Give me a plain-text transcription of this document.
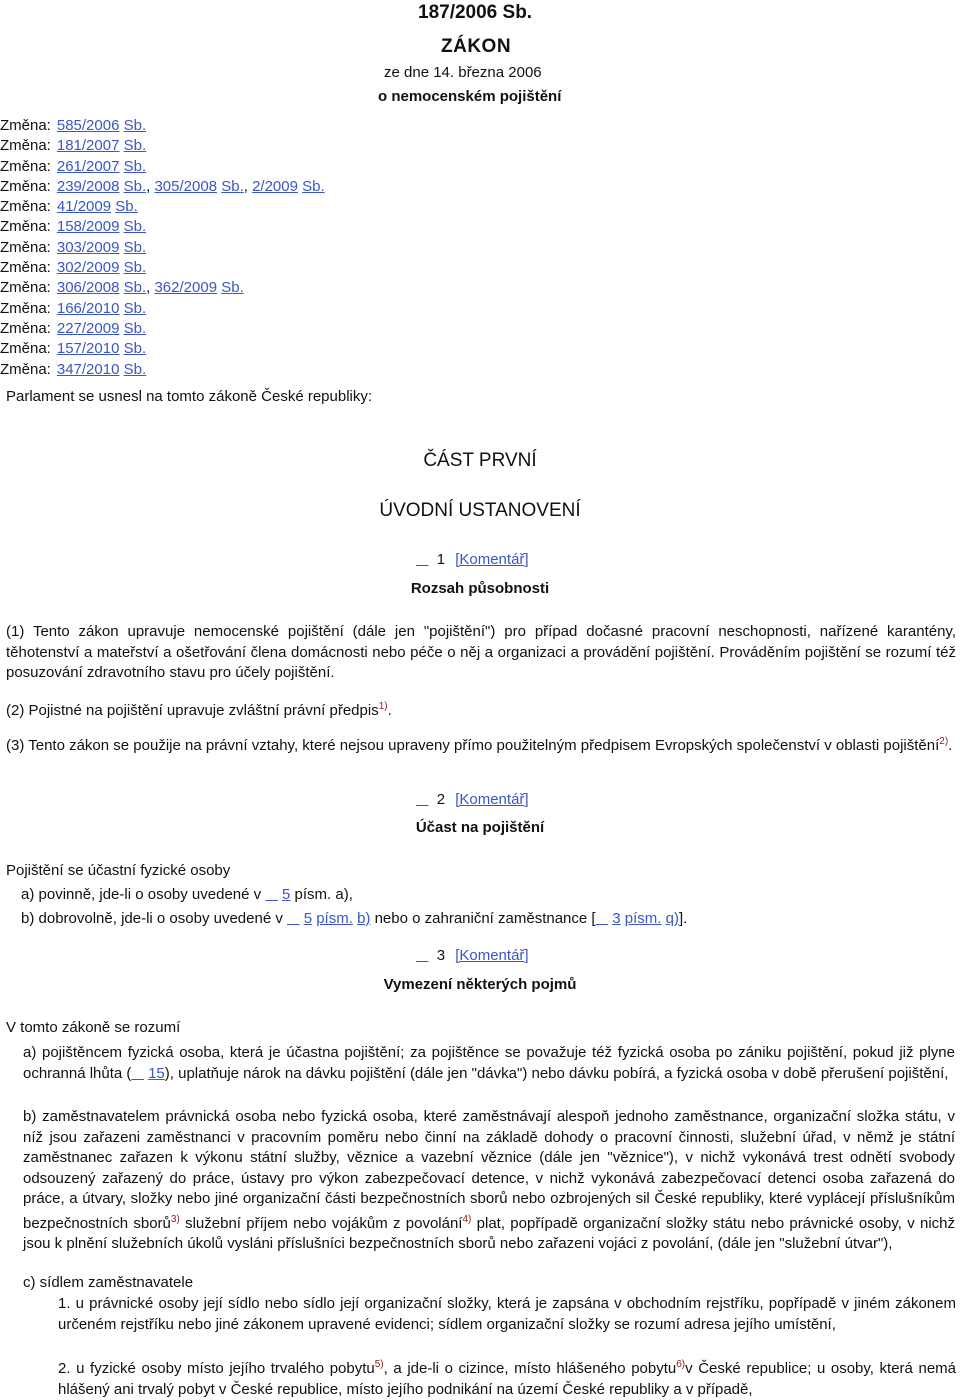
187/2006 Sb.
ZÁKON
ze dne 14. března 2006
o nemocenském pojištění
Změna: 585/2006 Sb.
Změna: 181/2007 Sb.
Změna: 261/2007 Sb.
Změna: 239/2008 Sb., 305/2008 Sb., 2/2009 Sb.
Změna: 41/2009 Sb.
Změna: 158/2009 Sb.
Změna: 303/2009 Sb.
Změna: 302/2009 Sb.
Změna: 306/2008 Sb., 362/2009 Sb.
Změna: 166/2010 Sb.
Změna: 227/2009 Sb.
Změna: 157/2010 Sb.
Změna: 347/2010 Sb.
Parlament se usnesl na tomto zákoně České republiky:
ČÁST PRVNÍ
ÚVODNÍ USTANOVENÍ
1 [Komentář]
Rozsah působnosti
(1) Tento zákon upravuje nemocenské pojištění (dále jen "pojištění") pro případ dočasné pracovní neschopnosti, nařízené karantény, těhotenství a mateřství a ošetřování člena domácnosti nebo péče o něj a organizaci a provádění pojištění. Prováděním pojištění se rozumí též posuzování zdravotního stavu pro účely pojištění.
(2) Pojistné na pojištění upravuje zvláštní právní předpis$^{1)}$.
(3) Tento zákon se použije na právní vztahy, které nejsou upraveny přímo použitelným předpisem Evropských společenství v oblasti pojištění$^{2)}$.
2 [Komentář]
Účast na pojištění
Pojištění se účastní fyzické osoby
a) povinně, jde-li o osoby uvedené v 5 písm. a),
b) dobrovolně, jde-li o osoby uvedené v 5 písm. b) nebo o zahraniční zaměstnance [ 3 písm. q)].
3 [Komentář]
Vymezení některých pojmů
V tomto zákoně se rozumí
a) pojištěncem fyzická osoba, která je účastna pojištění; za pojištěnce se považuje též fyzická osoba po zániku pojištění, pokud již plyne ochranná lhůta ( 15), uplatňuje nárok na dávku pojištění (dále jen "dávka") nebo dávku pobírá, a fyzická osoba v době přerušení pojištění,
b) zaměstnavatelem právnická osoba nebo fyzická osoba, které zaměstnávají alespoň jednoho zaměstnance, organizační složka státu, v níž jsou zařazeni zaměstnanci v pracovním poměru nebo činní na základě dohody o pracovní činnosti, služební úřad, v němž je státní zaměstnanec zařazen k výkonu státní služby, věznice a vazební věznice (dále jen "věznice"), v nichž vykonává trest odnětí svobody odsouzený zařazený do práce, ústavy pro výkon zabezpečovací detence, v nichž vykonává zabezpečovací detenci osoba zařazená do práce, a útvary, složky nebo jiné organizační části bezpečnostních sborů nebo ozbrojených sil České republiky, které vyplácejí příslušníkům bezpečnostních sborů$^{3)}$ služební příjem nebo vojákům z povolání$^{4)}$ plat, popřípadě organizační složky státu nebo právnické osoby, v nichž jsou k plnění služebních úkolů vysláni příslušníci bezpečnostních sborů nebo zařazeni vojáci z povolání, (dále jen "služební útvar"),
c) sídlem zaměstnavatele
1. u právnické osoby její sídlo nebo sídlo její organizační složky, která je zapsána v obchodním rejstříku, popřípadě v jiném zákonem určeném rejstříku nebo jiné zákonem upravené evidenci; sídlem organizační složky se rozumí adresa jejího umístění,
2. u fyzické osoby místo jejího trvalého pobytu$^{5)}$, a jde-li o cizince, místo hlášeného pobytu$^{6)}$v České republice; u osoby, která nemá hlášený ani trvalý pobyt v České republice, místo jejího podnikání na území České republiky a v případě,
